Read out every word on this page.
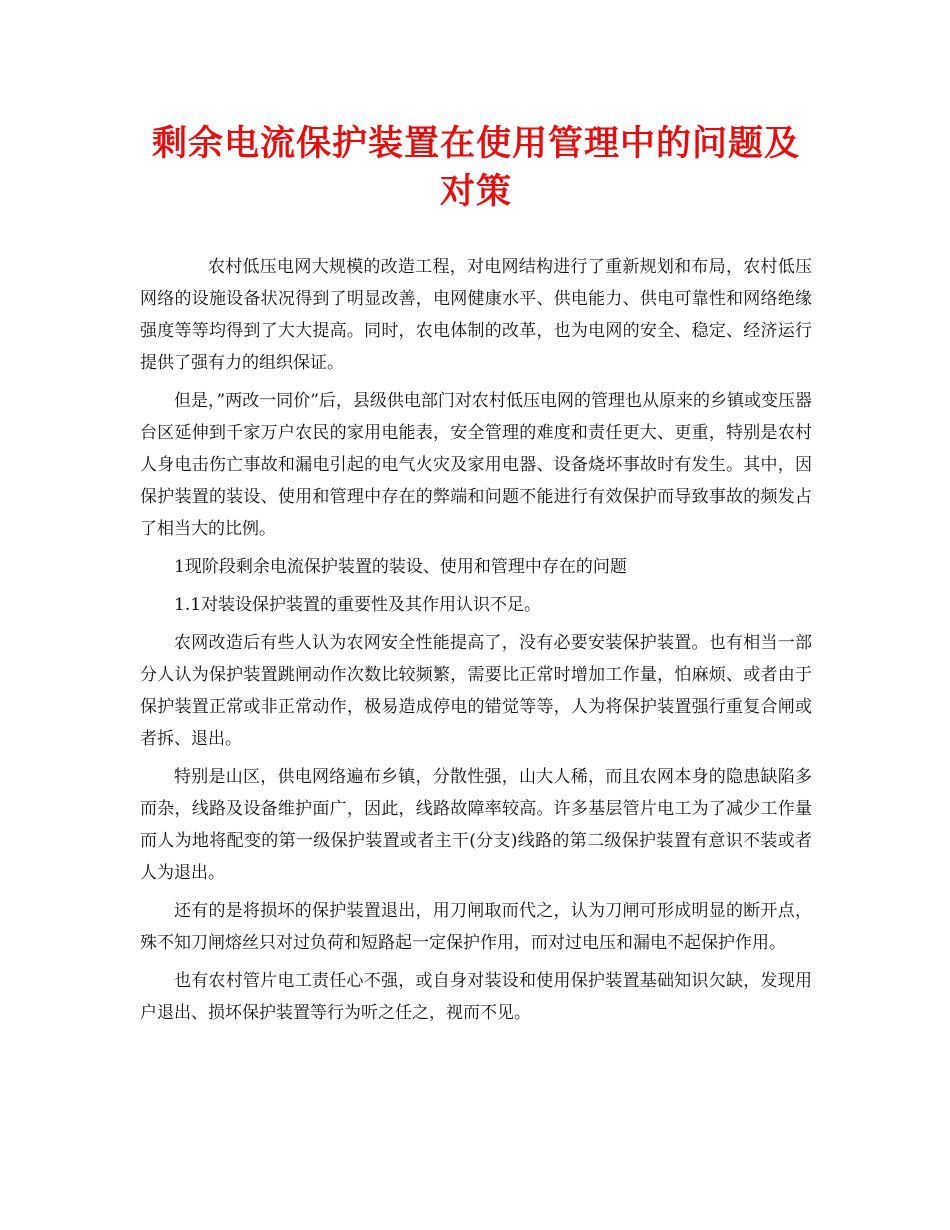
剩余电流保护装置在使用管理中的问题及对策

农村低压电网大规模的改造工程，对电网结构进行了重新规划和布局，农村低压网络的设施设备状况得到了明显改善，电网健康水平、供电能力、供电可靠性和网络绝缘强度等等均得到了大大提高。同时，农电体制的改革，也为电网的安全、稳定、经济运行提供了强有力的组织保证。

但是，”两改一同价”后，县级供电部门对农村低压电网的管理也从原来的乡镇或变压器台区延伸到千家万户农民的家用电能表，安全管理的难度和责任更大、更重，特别是农村人身电击伤亡事故和漏电引起的电气火灾及家用电器、设备烧坏事故时有发生。其中，因保护装置的装设、使用和管理中存在的弊端和问题不能进行有效保护而导致事故的频发占了相当大的比例。

1现阶段剩余电流保护装置的装设、使用和管理中存在的问题

1.1对装设保护装置的重要性及其作用认识不足。

农网改造后有些人认为农网安全性能提高了，没有必要安装保护装置。也有相当一部分人认为保护装置跳闸动作次数比较频繁，需要比正常时增加工作量，怕麻烦、或者由于保护装置正常或非正常动作，极易造成停电的错觉等等，人为将保护装置强行重复合闸或者拆、退出。

特别是山区，供电网络遍布乡镇，分散性强，山大人稀，而且农网本身的隐患缺陷多而杂，线路及设备维护面广，因此，线路故障率较高。许多基层管片电工为了减少工作量而人为地将配变的第一级保护装置或者主干(分支)线路的第二级保护装置有意识不装或者人为退出。

还有的是将损坏的保护装置退出，用刀闸取而代之，认为刀闸可形成明显的断开点，殊不知刀闸熔丝只对过负荷和短路起一定保护作用，而对过电压和漏电不起保护作用。

也有农村管片电工责任心不强，或自身对装设和使用保护装置基础知识欠缺，发现用户退出、损坏保护装置等行为听之任之，视而不见。
